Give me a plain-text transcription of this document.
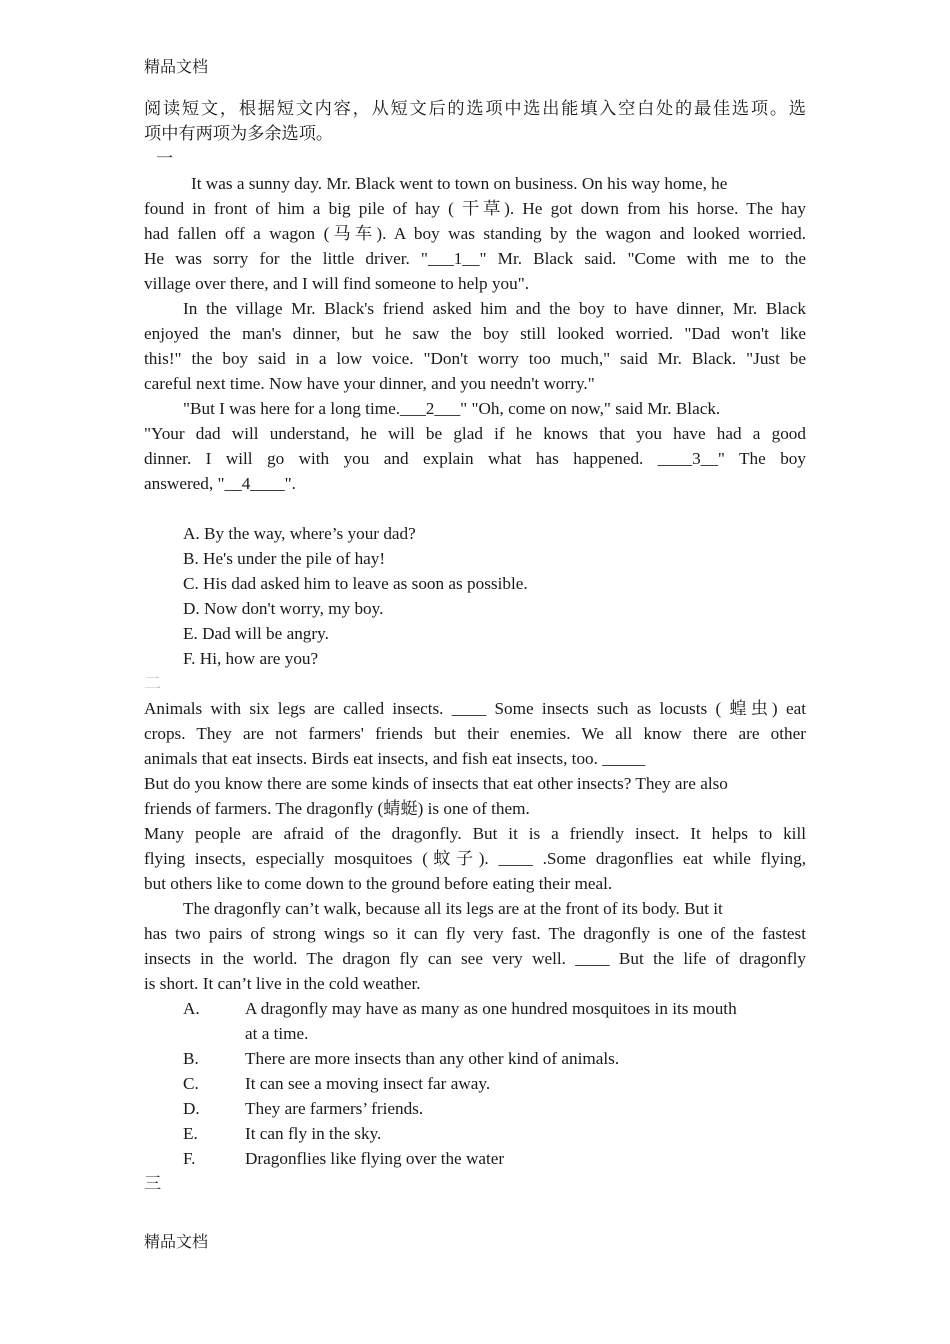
精品文档
阅读短文，根据短文内容，从短文后的选项中选出能填入空白处的最佳选项。选
项中有两项为多余选项。
一
It was a sunny day. Mr. Black went to town on business. On his way home, he
found in front of him a big pile of hay ( 干草). He got down from his horse. The hay
had fallen off a wagon (马车). A boy was standing by the wagon and looked worried.
He was sorry for the little driver. "___1__" Mr. Black said. "Come with me to the
village over there, and I will find someone to help you".
In the village Mr. Black's friend asked him and the boy to have dinner, Mr. Black
enjoyed the man's dinner, but he saw the boy still looked worried. "Dad won't like
this!" the boy said in a low voice. "Don't worry too much," said Mr. Black. "Just be
careful next time. Now have your dinner, and you needn't worry."
"But I was here for a long time.___2___" "Oh, come on now," said Mr. Black.
"Your dad will understand, he will be glad if he knows that you have had a good
dinner. I will go with you and explain what has happened. ____3__" The boy
answered, "__4____".
A. By the way, where’s your dad?
B. He's under the pile of hay!
C. His dad asked him to leave as soon as possible.
D. Now don't worry, my boy.
E. Dad will be angry.
F. Hi, how are you?
二
Animals with six legs are called insects. ____ Some insects such as locusts ( 蝗虫) eat
crops. They are not farmers' friends but their enemies. We all know there are other
animals that eat insects. Birds eat insects, and fish eat insects, too. _____
But do you know there are some kinds of insects that eat other insects? They are also
friends of farmers. The dragonfly (蜻蜓) is one of them.
Many people are afraid of the dragonfly. But it is a friendly insect. It helps to kill
flying insects, especially mosquitoes (蚊子). ____ .Some dragonflies eat while flying,
but others like to come down to the ground before eating their meal.
The dragonfly can’t walk, because all its legs are at the front of its body. But it
has two pairs of strong wings so it can fly very fast. The dragonfly is one of the fastest
insects in the world. The dragon fly can see very well. ____ But the life of dragonfly
is short. It can’t live in the cold weather.
A.	A dragonfly may have as many as one hundred mosquitoes in its mouth
at a time.
B.	There are more insects than any other kind of animals.
C.	It can see a moving insect far away.
D.	They are farmers’ friends.
E.	It can fly in the sky.
F.	Dragonflies like flying over the water
三
精品文档
